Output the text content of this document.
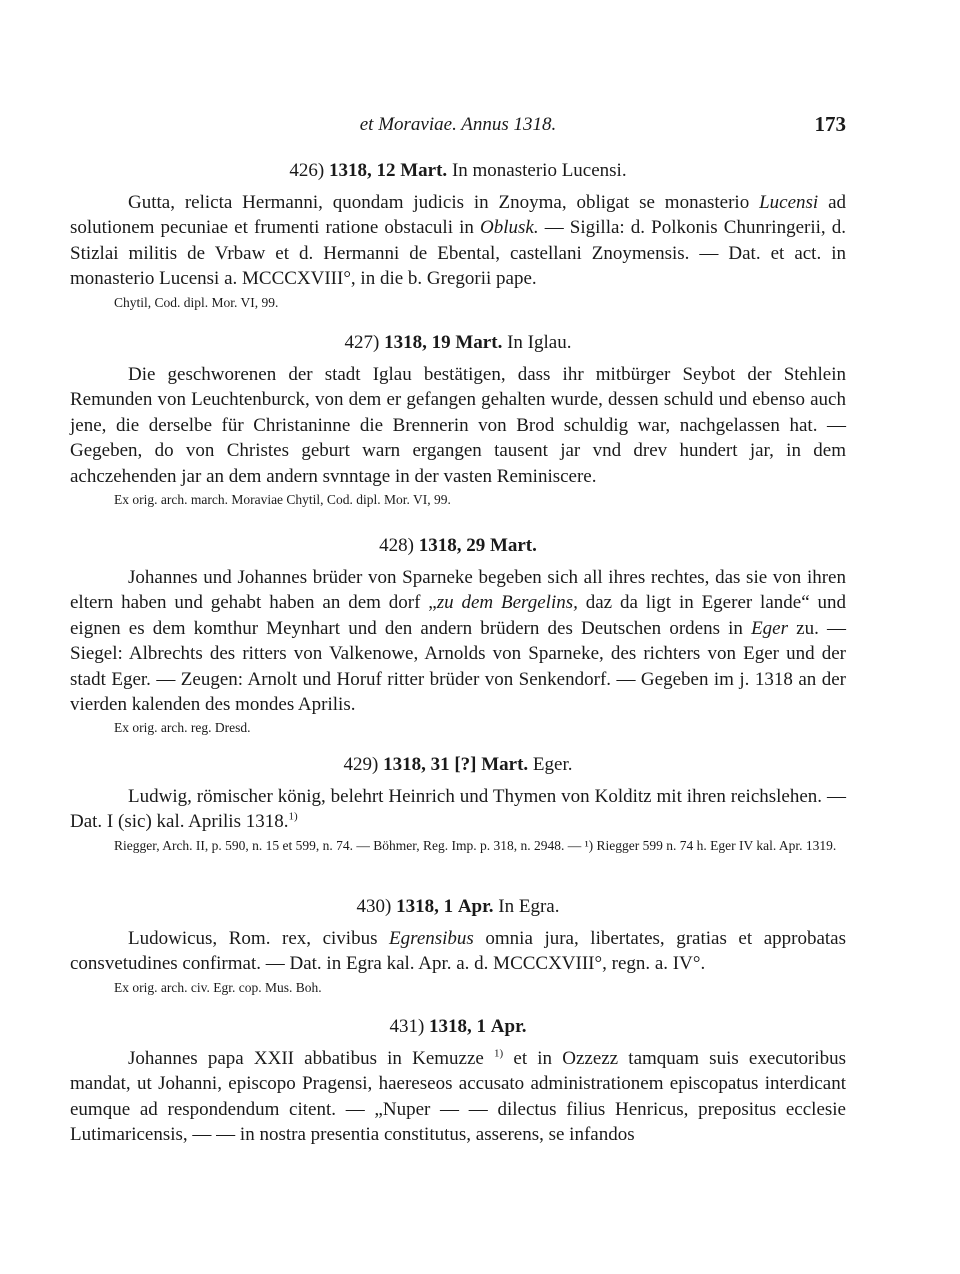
et Moraviae. Annus 1318.	173

426) 1318, 12 Mart. In monasterio Lucensi.

Gutta, relicta Hermanni, quondam judicis in Znoyma, obligat se monasterio Lucensi ad solutionem pecuniae et frumenti ratione obstaculi in Oblusk. — Sigilla: d. Polkonis Chunringerii, d. Stizlai militis de Vrbaw et d. Hermanni de Ebental, castellani Znoymensis. — Dat. et act. in monasterio Lucensi a. MCCCXVIII°, in die b. Gregorii pape.

Chytil, Cod. dipl. Mor. VI, 99.

427) 1318, 19 Mart. In Iglau.

Die geschworenen der stadt Iglau bestätigen, dass ihr mitbürger Seybot der Stehlein Remunden von Leuchtenburck, von dem er gefangen gehalten wurde, dessen schuld und ebenso auch jene, die derselbe für Christaninne die Brennerin von Brod schuldig war, nachgelassen hat. — Gegeben, do von Christes geburt warn ergangen tausent jar vnd drev hundert jar, in dem achczehenden jar an dem andern svnntage in der vasten Reminiscere.

Ex orig. arch. march. Moraviae Chytil, Cod. dipl. Mor. VI, 99.

428) 1318, 29 Mart.

Johannes und Johannes brüder von Sparneke begeben sich all ihres rechtes, das sie von ihren eltern haben und gehabt haben an dem dorf „zu dem Bergelins, daz da ligt in Egerer lande“ und eignen es dem komthur Meynhart und den andern brüdern des Deutschen ordens in Eger zu. — Siegel: Albrechts des ritters von Valkenowe, Arnolds von Sparneke, des richters von Eger und der stadt Eger. — Zeugen: Arnolt und Horuf ritter brüder von Senkendorf. — Gegeben im j. 1318 an der vierden kalenden des mondes Aprilis.

Ex orig. arch. reg. Dresd.

429) 1318, 31 [?] Mart. Eger.

Ludwig, römischer könig, belehrt Heinrich und Thymen von Kolditz mit ihren reichslehen. — Dat. I (sic) kal. Aprilis 1318.$^{1)}$

Riegger, Arch. II, p. 590, n. 15 et 599, n. 74. — Böhmer, Reg. Imp. p. 318, n. 2948. — ¹) Riegger 599 n. 74 h. Eger IV kal. Apr. 1319.

430) 1318, 1 Apr. In Egra.

Ludowicus, Rom. rex, civibus Egrensibus omnia jura, libertates, gratias et approbatas consvetudines confirmat. — Dat. in Egra kal. Apr. a. d. MCCCXVIII°, regn. a. IV°.

Ex orig. arch. civ. Egr. cop. Mus. Boh.

431) 1318, 1 Apr.

Johannes papa XXII abbatibus in Kemuzze $^{1)}$ et in Ozzezz tamquam suis executoribus mandat, ut Johanni, episcopo Pragensi, haereseos accusato administrationem episcopatus interdicant eumque ad respondendum citent. — „Nuper — — dilectus filius Henricus, prepositus ecclesie Lutimaricensis, — — in nostra presentia constitutus, asserens, se infandos
